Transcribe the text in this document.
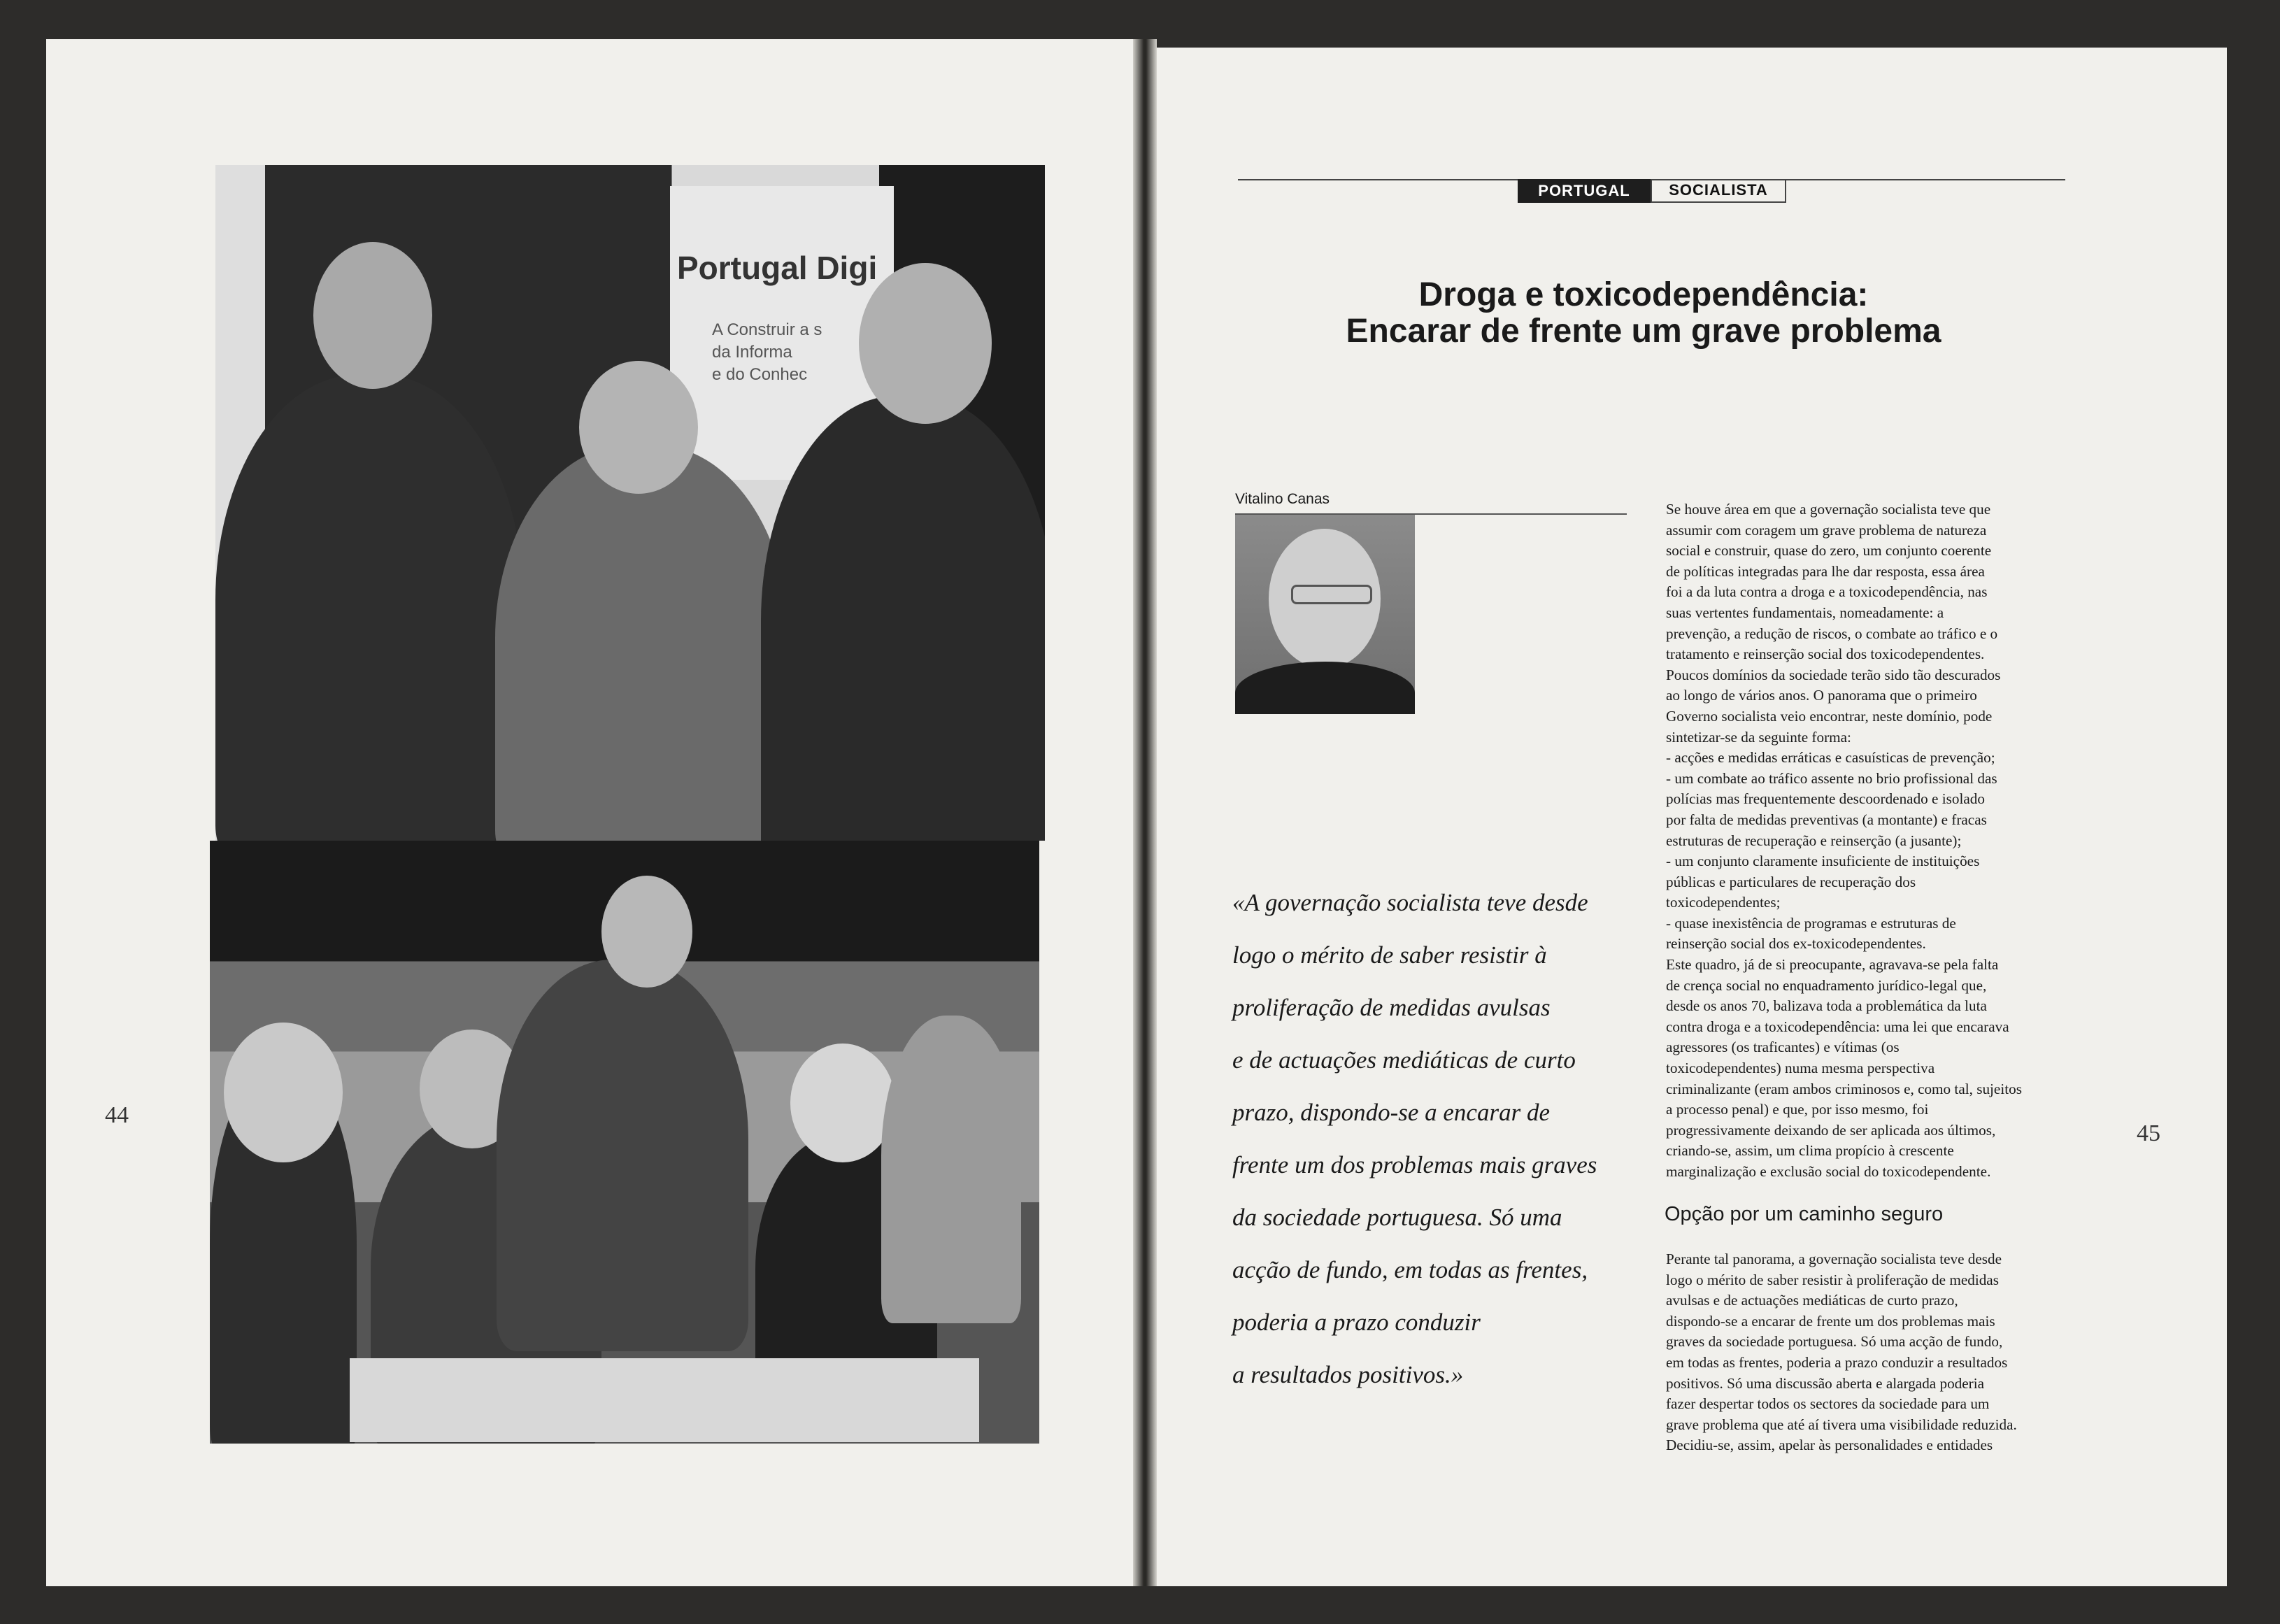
44
Portugal Digi
A Construir a s
da Informa
e do Conhec
PORTUGAL	SOCIALISTA
Droga e toxicodependência:
Encarar de frente um grave problema
Vitalino Canas

«A governação socialista teve desde

logo o mérito de saber resistir à

proliferação de medidas avulsas

e de actuações mediáticas de curto

prazo, dispondo-se a encarar de

frente um dos problemas mais graves

da sociedade portuguesa. Só uma

acção de fundo, em todas as frentes,

poderia a prazo conduzir

a resultados positivos.»

Se houve área em que a governação socialista teve que

assumir com coragem um grave problema de natureza

social e construir, quase do zero, um conjunto coerente

de políticas integradas para lhe dar resposta, essa área

foi a da luta contra a droga e a toxicodependência, nas

suas vertentes fundamentais, nomeadamente: a

prevenção, a redução de riscos, o combate ao tráfico e o

tratamento e reinserção social dos toxicodependentes.

Poucos domínios da sociedade terão sido tão descurados

ao longo de vários anos. O panorama que o primeiro

Governo socialista veio encontrar, neste domínio, pode

sintetizar-se da seguinte forma:

- acções e medidas erráticas e casuísticas de prevenção;

- um combate ao tráfico assente no brio profissional das

polícias mas frequentemente descoordenado e isolado

por falta de medidas preventivas (a montante) e fracas

estruturas de recuperação e reinserção (a jusante);

- um conjunto claramente insuficiente de instituições

públicas e particulares de recuperação dos

toxicodependentes;

- quase inexistência de programas e estruturas de

reinserção social dos ex-toxicodependentes.

Este quadro, já de si preocupante, agravava-se pela falta

de crença social no enquadramento jurídico-legal que,

desde os anos 70, balizava toda a problemática da luta

contra droga e a toxicodependência: uma lei que encarava

agressores (os traficantes) e vítimas (os

toxicodependentes) numa mesma perspectiva

criminalizante (eram ambos criminosos e, como tal, sujeitos

a processo penal) e que, por isso mesmo, foi

progressivamente deixando de ser aplicada aos últimos,

criando-se, assim, um clima propício à crescente

marginalização e exclusão social do toxicodependente.

Opção por um caminho seguro

Perante tal panorama, a governação socialista teve desde

logo o mérito de saber resistir à proliferação de medidas

avulsas e de actuações mediáticas de curto prazo,

dispondo-se a encarar de frente um dos problemas mais

graves da sociedade portuguesa. Só uma acção de fundo,

em todas as frentes, poderia a prazo conduzir a resultados

positivos. Só uma discussão aberta e alargada poderia

fazer despertar todos os sectores da sociedade para um

grave problema que até aí tivera uma visibilidade reduzida.

Decidiu-se, assim, apelar às personalidades e entidades

45
